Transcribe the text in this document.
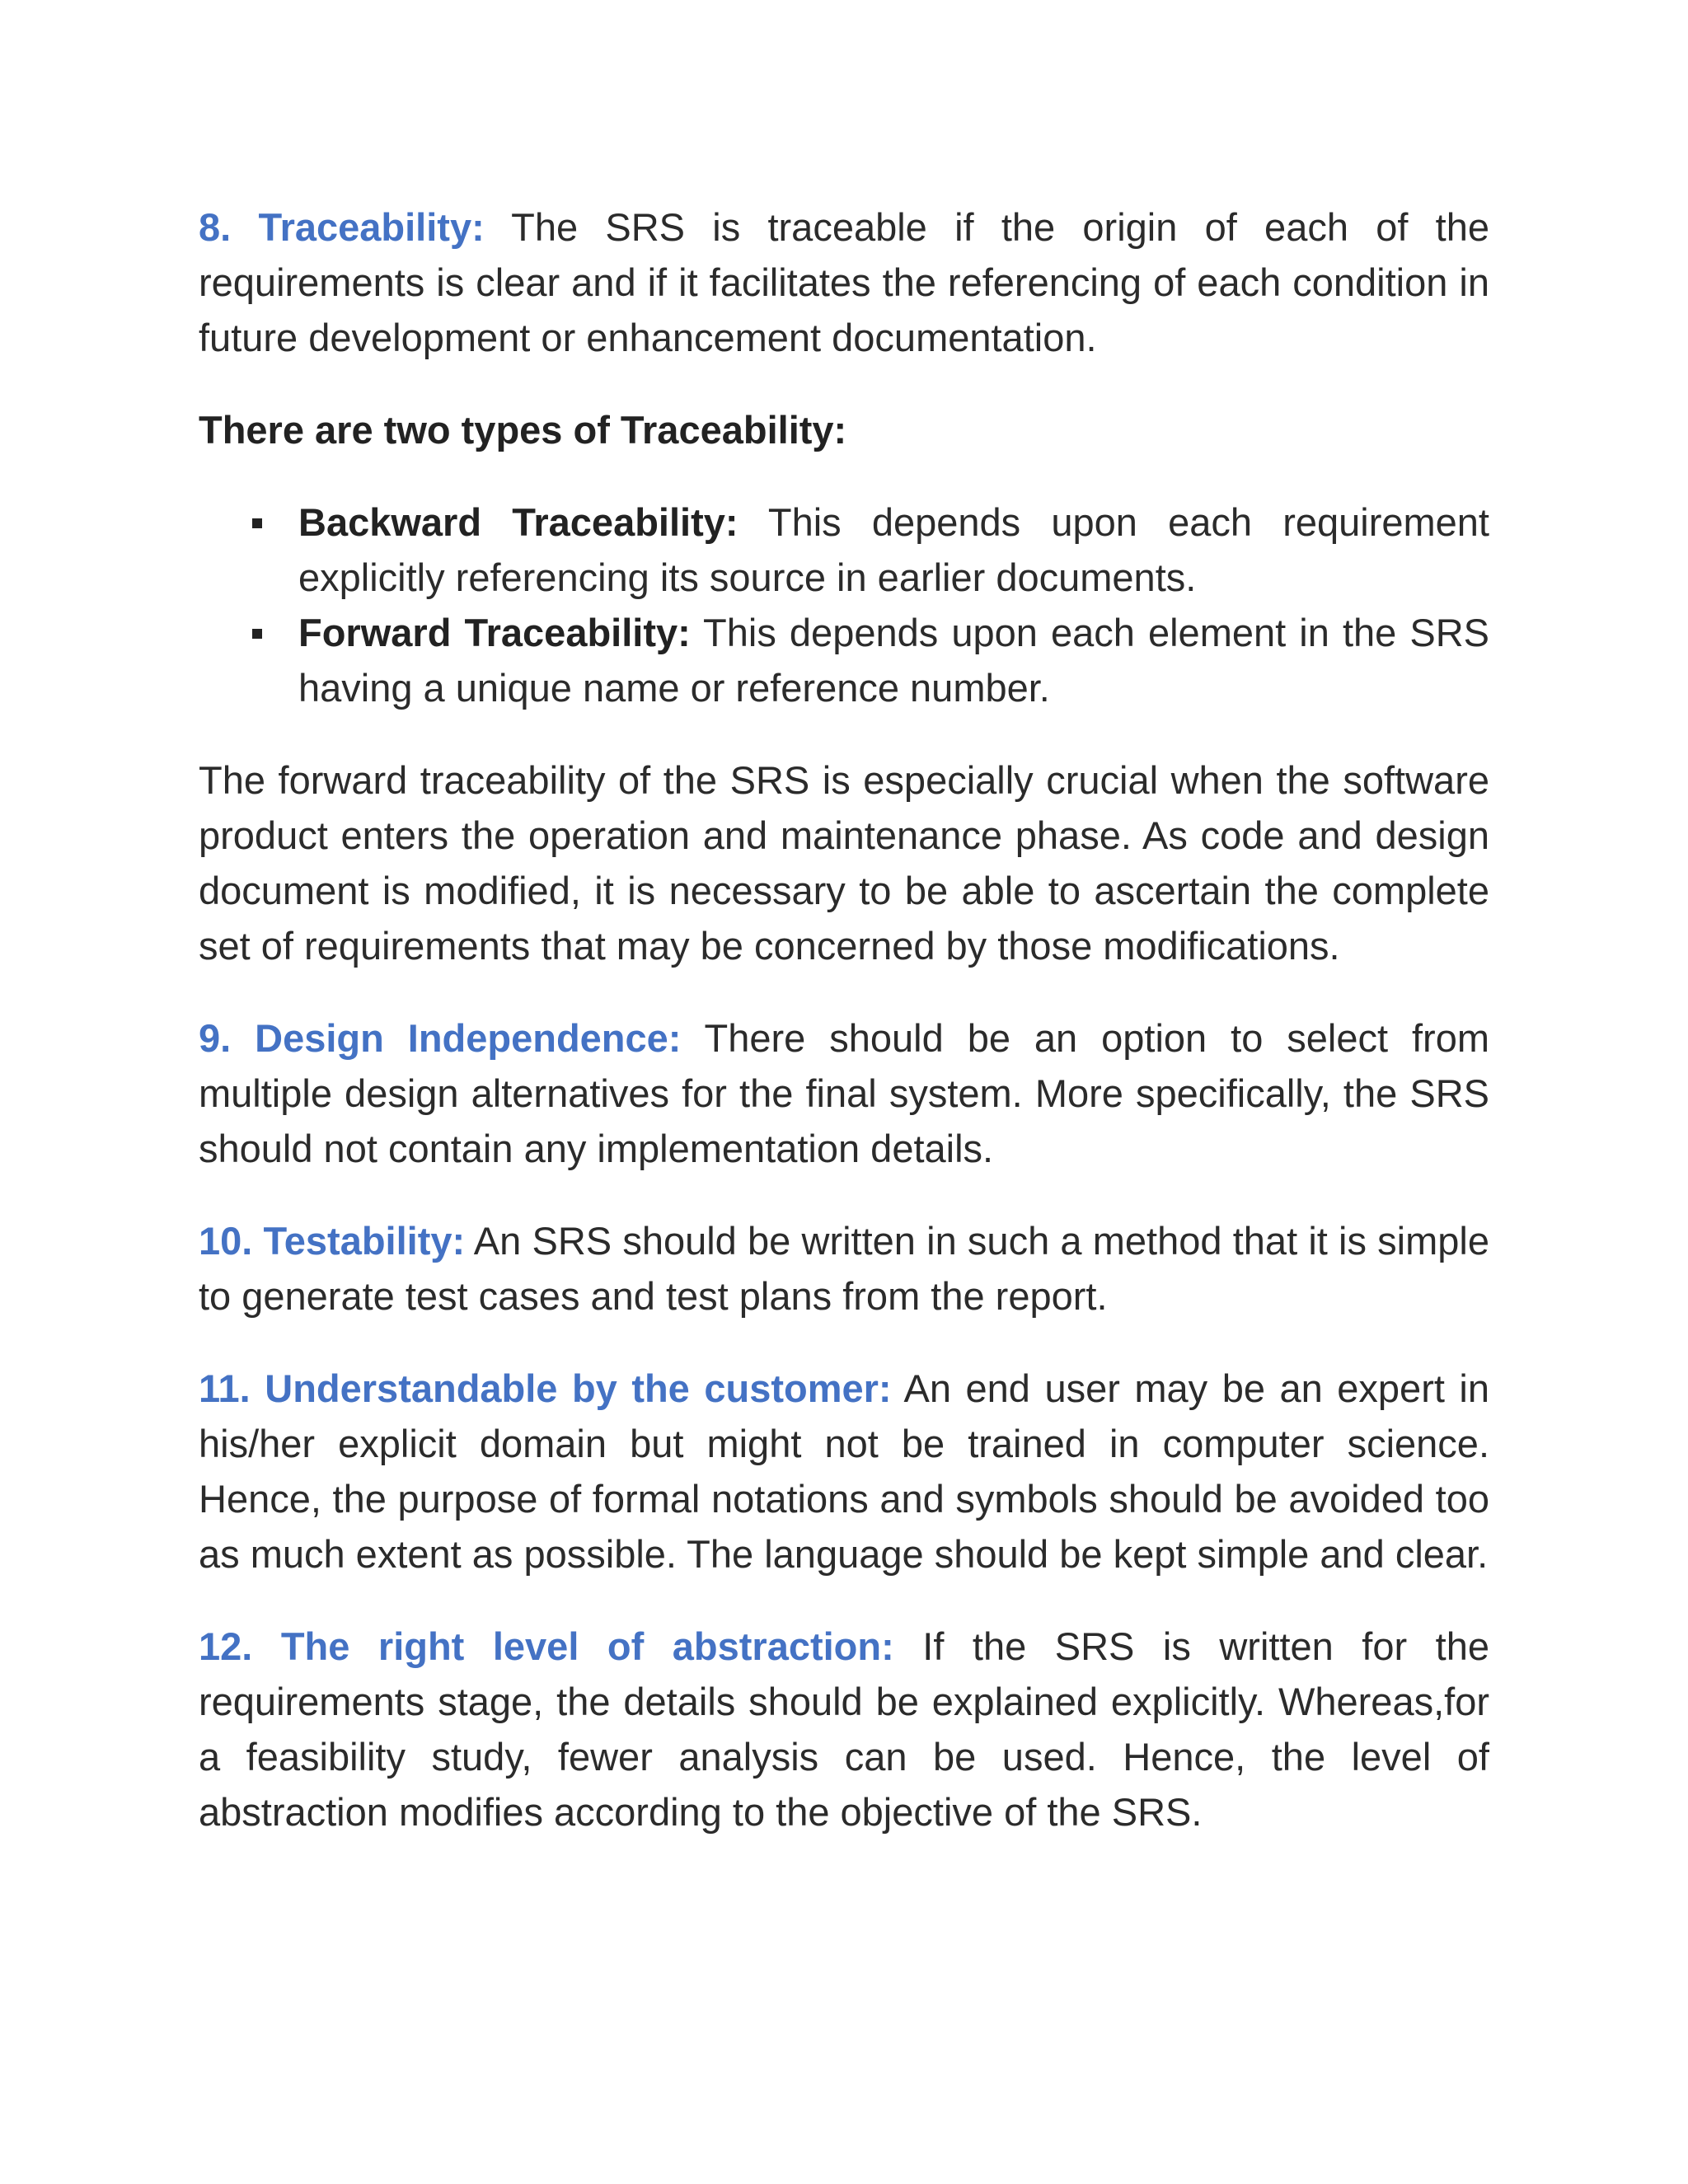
8. Traceability: The SRS is traceable if the origin of each of the requirements is clear and if it facilitates the referencing of each condition in future development or enhancement documentation.

There are two types of Traceability:

Backward Traceability: This depends upon each requirement explicitly referencing its source in earlier documents.
Forward Traceability: This depends upon each element in the SRS having a unique name or reference number.

The forward traceability of the SRS is especially crucial when the software product enters the operation and maintenance phase. As code and design document is modified, it is necessary to be able to ascertain the complete set of requirements that may be concerned by those modifications.

9. Design Independence: There should be an option to select from multiple design alternatives for the final system. More specifically, the SRS should not contain any implementation details.

10. Testability: An SRS should be written in such a method that it is simple to generate test cases and test plans from the report.

11. Understandable by the customer: An end user may be an expert in his/her explicit domain but might not be trained in computer science. Hence, the purpose of formal notations and symbols should be avoided too as much extent as possible. The language should be kept simple and clear.

12. The right level of abstraction: If the SRS is written for the requirements stage, the details should be explained explicitly. Whereas,for a feasibility study, fewer analysis can be used. Hence, the level of abstraction modifies according to the objective of the SRS.
